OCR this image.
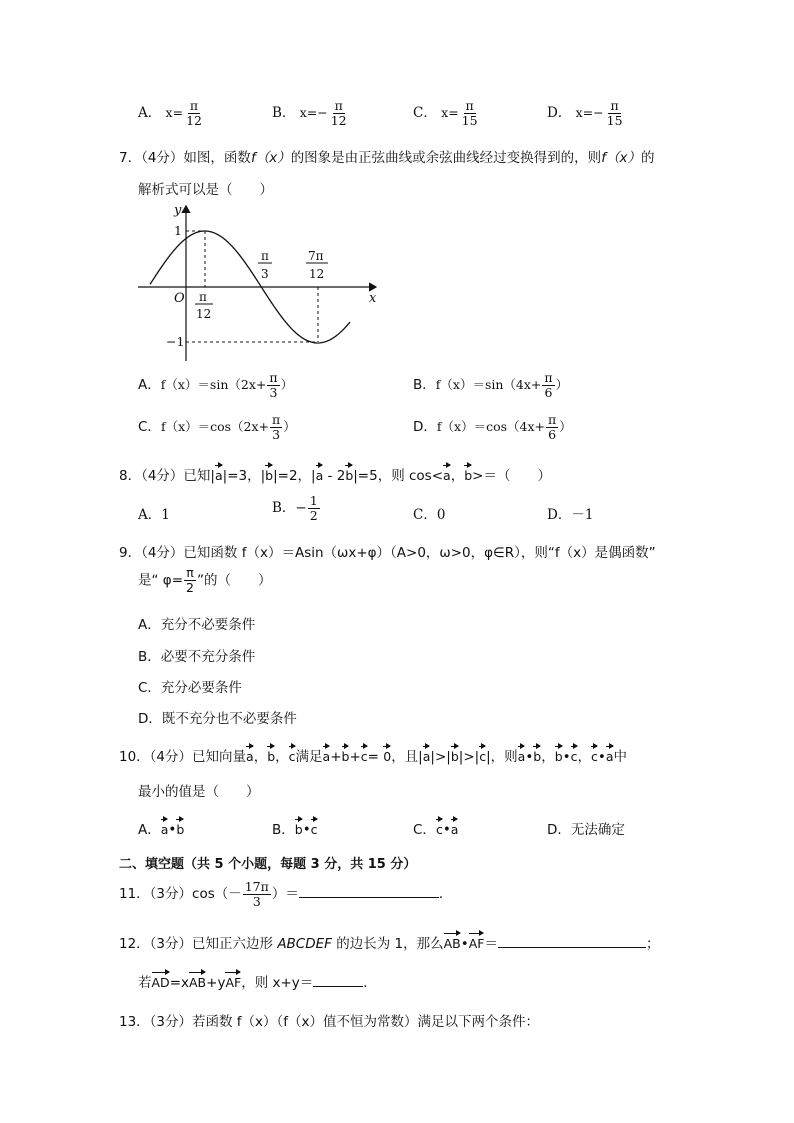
A． $x= \frac{\pi}{12}$	B． $x=- \frac{\pi}{12}$	C． $x= \frac{\pi}{15}$	D． $x=- \frac{\pi}{15}$
7．（4分）如图，函数f（x）的图象是由正弦曲线或余弦曲线经过变换得到的，则f（x）的
解析式可以是（　　）
y
x
O
1
−1
π
12
π
3
7π
12
A．$f(x)=\sin(2x+ \frac{\pi}{3}$ ）	B．$f(x)=\sin(4x+ \frac{\pi}{6}$ ）
C．$f(x)=\cos(2x+ \frac{\pi}{3}$ ）	D．$f(x)=\cos(4x+ \frac{\pi}{6}$ ）
8．（4分）已知|a|=3，|b|=2，|a - 2b|=5，则 cos<a，b>＝（　　）
A．1	B．− $\frac{1}{2}$	C．0	D．－1
9．（4分）已知函数 f（x）＝Asin（ωx+φ）（A>0，ω>0，φ∈R），则“f（x）是偶函数”
是“ $\varphi= \frac{\pi}{2}$ ”的（　　）
A．充分不必要条件
B．必要不充分条件
C．充分必要条件
D．既不充分也不必要条件
10．（4分）已知向量a，b，c满足a+b+c= 0，且|a|>|b|>|c|，则a•b，b•c，c•a中
最小的值是（　　）
A．a•b	B．b•c	C．c•a	D．无法确定
二、填空题（共 5 个小题，每题 3 分，共 15 分）
11．（3分）$\cos(- \frac{17\pi}{3}$ ）＝	．
12．（3分）已知正六边形 ABCDEF 的边长为 1，那么AB•AF＝	；
若AD=xAB+yAF，则 x+y＝	．
13．（3分）若函数 f（x）（f（x）值不恒为常数）满足以下两个条件：
